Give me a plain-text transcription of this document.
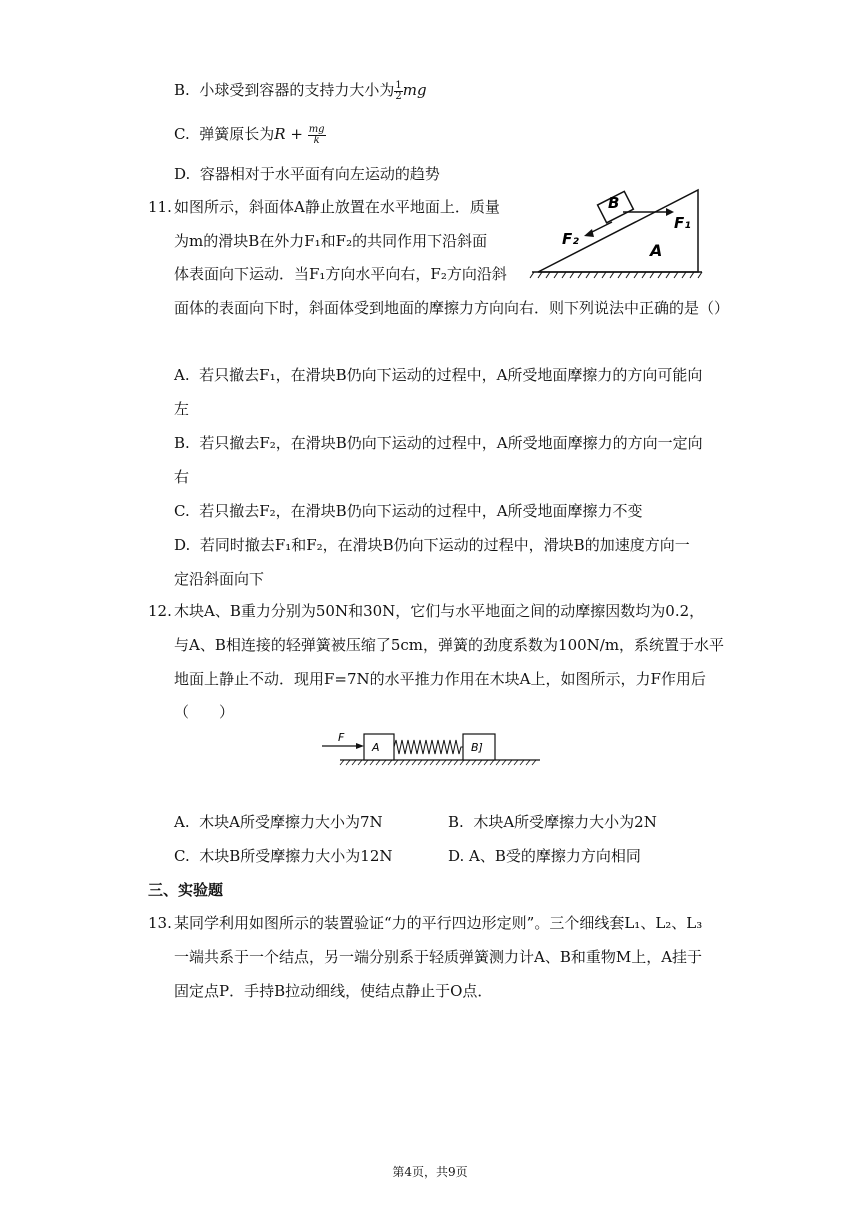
B. 小球受到容器的支持力大小为 $\frac{1}{2}$ mg
C. 弹簧原长为$R + \frac{mg}{k}$
D. 容器相对于水平面有向左运动的趋势
11. 如图所示，斜面体A静止放置在水平地面上．质量
为m的滑块B在外力F₁和F₂的共同作用下沿斜面
体表面向下运动．当F₁方向水平向右，F₂方向沿斜
面体的表面向下时，斜面体受到地面的摩擦力方向向右．则下列说法中正确的是（）
B
F₁
F₂
A
A. 若只撤去F₁，在滑块B仍向下运动的过程中，A所受地面摩擦力的方向可能向
左
B. 若只撤去F₂，在滑块B仍向下运动的过程中，A所受地面摩擦力的方向一定向
右
C. 若只撤去F₂，在滑块B仍向下运动的过程中，A所受地面摩擦力不变
D. 若同时撤去F₁和F₂，在滑块B仍向下运动的过程中，滑块B的加速度方向一
定沿斜面向下
12. 木块A、B重力分别为50N和30N，它们与水平地面之间的动摩擦因数均为0.2，
与A、B相连接的轻弹簧被压缩了5cm，弹簧的劲度系数为100N/m，系统置于水平
地面上静止不动．现用F=7N的水平推力作用在木块A上，如图所示，力F作用后
（　　）
F
A	B]
A. 木块A所受摩擦力大小为7N	B. 木块A所受摩擦力大小为2N
C. 木块B所受摩擦力大小为12N	D. A、B受的摩擦力方向相同
三、实验题
13. 某同学利用如图所示的装置验证“力的平行四边形定则”。三个细线套L₁、L₂、L₃
一端共系于一个结点，另一端分别系于轻质弹簧测力计A、B和重物M上，A挂于
固定点P．手持B拉动细线，使结点静止于O点．
第4页，共9页
